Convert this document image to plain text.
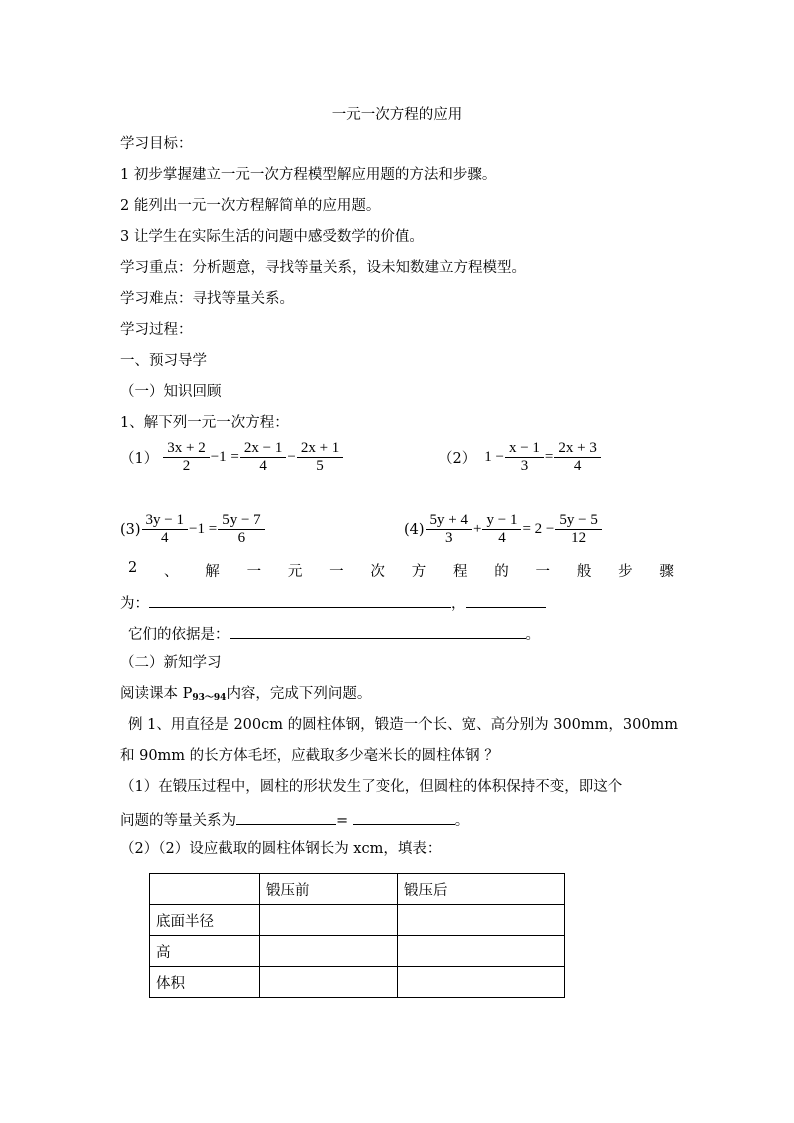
一元一次方程的应用
学习目标：
1 初步掌握建立一元一次方程模型解应用题的方法和步骤。
2 能列出一元一次方程解简单的应用题。
3 让学生在实际生活的问题中感受数学的价值。
学习重点：分析题意，寻找等量关系，设未知数建立方程模型。
学习难点：寻找等量关系。
学习过程：
一、预习导学
（一）知识回顾
1、解下列一元一次方程：
$(1) \frac{3x + 2}{2} -1 = \frac{2x - 1}{4} - \frac{2x + 1}{5}$	（2） $1 - \frac{x - 1}{3} = \frac{2x + 3}{4}$
$(3) \frac{3y - 1}{4} -1 = \frac{5y - 7}{6}$	$(4) \frac{5y + 4}{3} + \frac{y - 1}{4} = 2 - \frac{5y - 5}{12}$
2 、 解 一 元 一 次 方 程 的 一 般 步 骤
为：	，
它们的依据是：	。
（二）新知学习
阅读课本 $P_{93\sim 94}$内容，完成下列问题。
例 1、用直径是 200cm 的圆柱体钢，锻造一个长、宽、高分别为 300mm，300mm
和 90mm 的长方体毛坯，应截取多少毫米长的圆柱体钢 ？
（1）在锻压过程中，圆柱的形状发生了变化，但圆柱的体积保持不变，即这个
问题的等量关系为	=	。
（2）（2）设应截取的圆柱体钢长为 xcm，填表：
	锻压前	锻压后
底面半径		
高		
体积		
